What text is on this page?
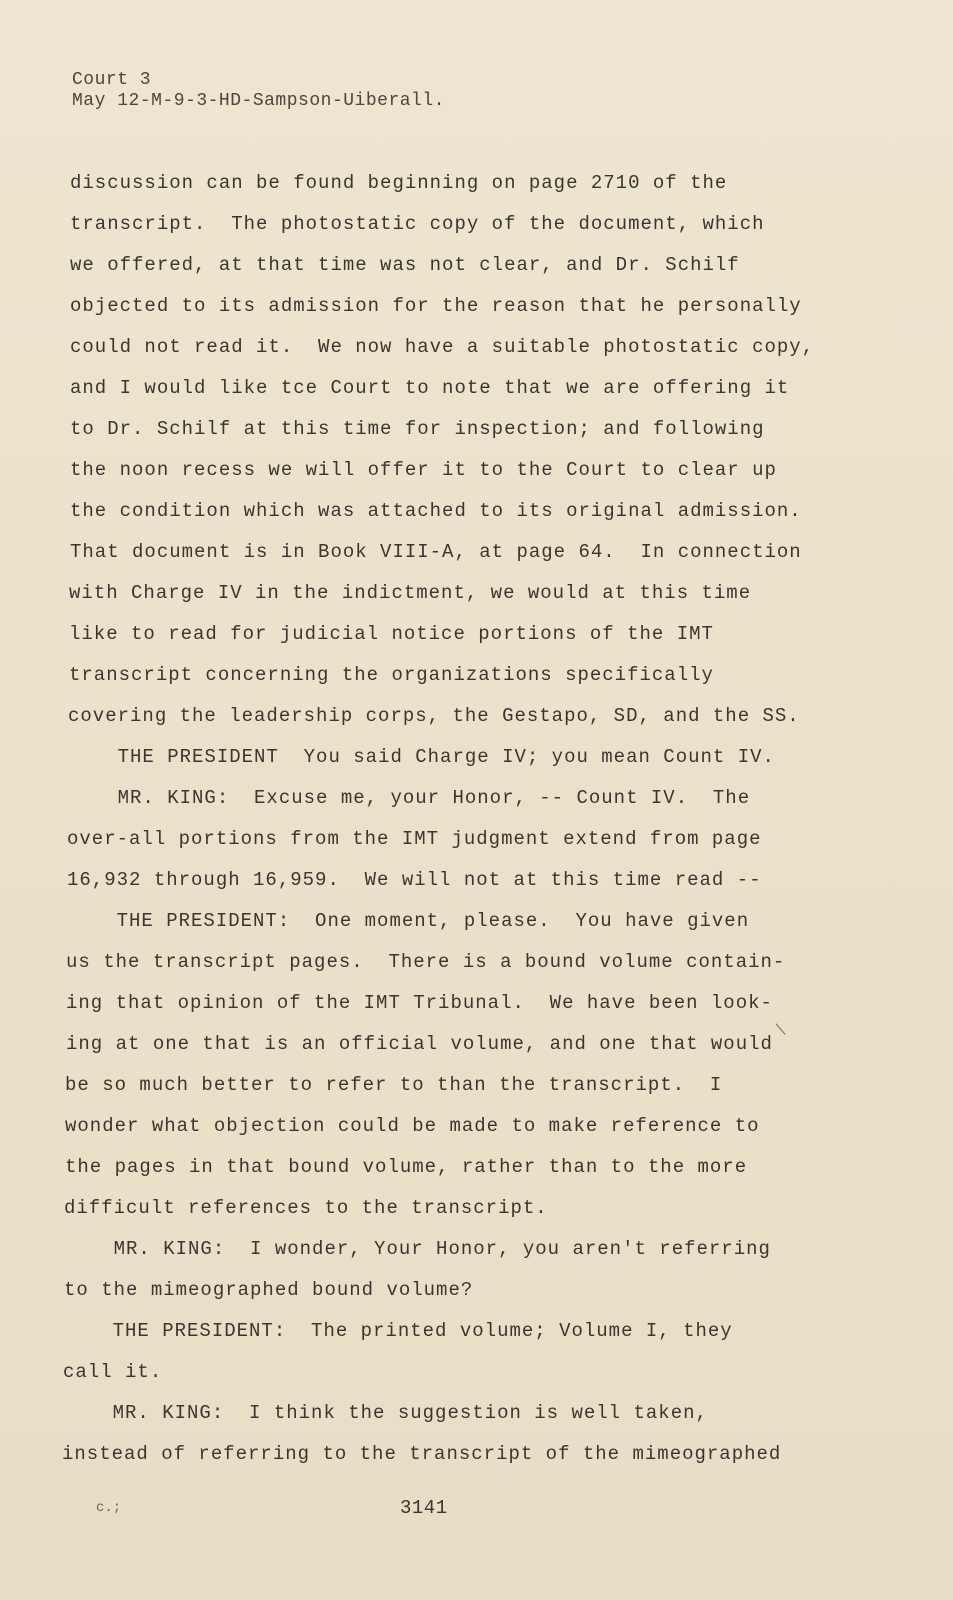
Court 3
May 12-M-9-3-HD-Sampson-Uiberall.
discussion can be found beginning on page 2710 of the
transcript.  The photostatic copy of the document, which
we offered, at that time was not clear, and Dr. Schilf
objected to its admission for the reason that he personally
could not read it.  We now have a suitable photostatic copy,
and I would like tce Court to note that we are offering it
to Dr. Schilf at this time for inspection; and following
the noon recess we will offer it to the Court to clear up
the condition which was attached to its original admission.
That document is in Book VIII-A, at page 64.  In connection
with Charge IV in the indictment, we would at this time
like to read for judicial notice portions of the IMT
transcript concerning the organizations specifically
covering the leadership corps, the Gestapo, SD, and the SS.
THE PRESIDENT  You said Charge IV; you mean Count IV.
MR. KING:  Excuse me, your Honor, -- Count IV.  The
over-all portions from the IMT judgment extend from page
16,932 through 16,959.  We will not at this time read --
THE PRESIDENT:  One moment, please.  You have given
us the transcript pages.  There is a bound volume contain-
ing that opinion of the IMT Tribunal.  We have been look-
ing at one that is an official volume, and one that would
be so much better to refer to than the transcript.  I
wonder what objection could be made to make reference to
the pages in that bound volume, rather than to the more
difficult references to the transcript.
MR. KING:  I wonder, Your Honor, you aren't referring
to the mimeographed bound volume?
THE PRESIDENT:  The printed volume; Volume I, they
call it.
MR. KING:  I think the suggestion is well taken,
instead of referring to the transcript of the mimeographed
c.;	3141
